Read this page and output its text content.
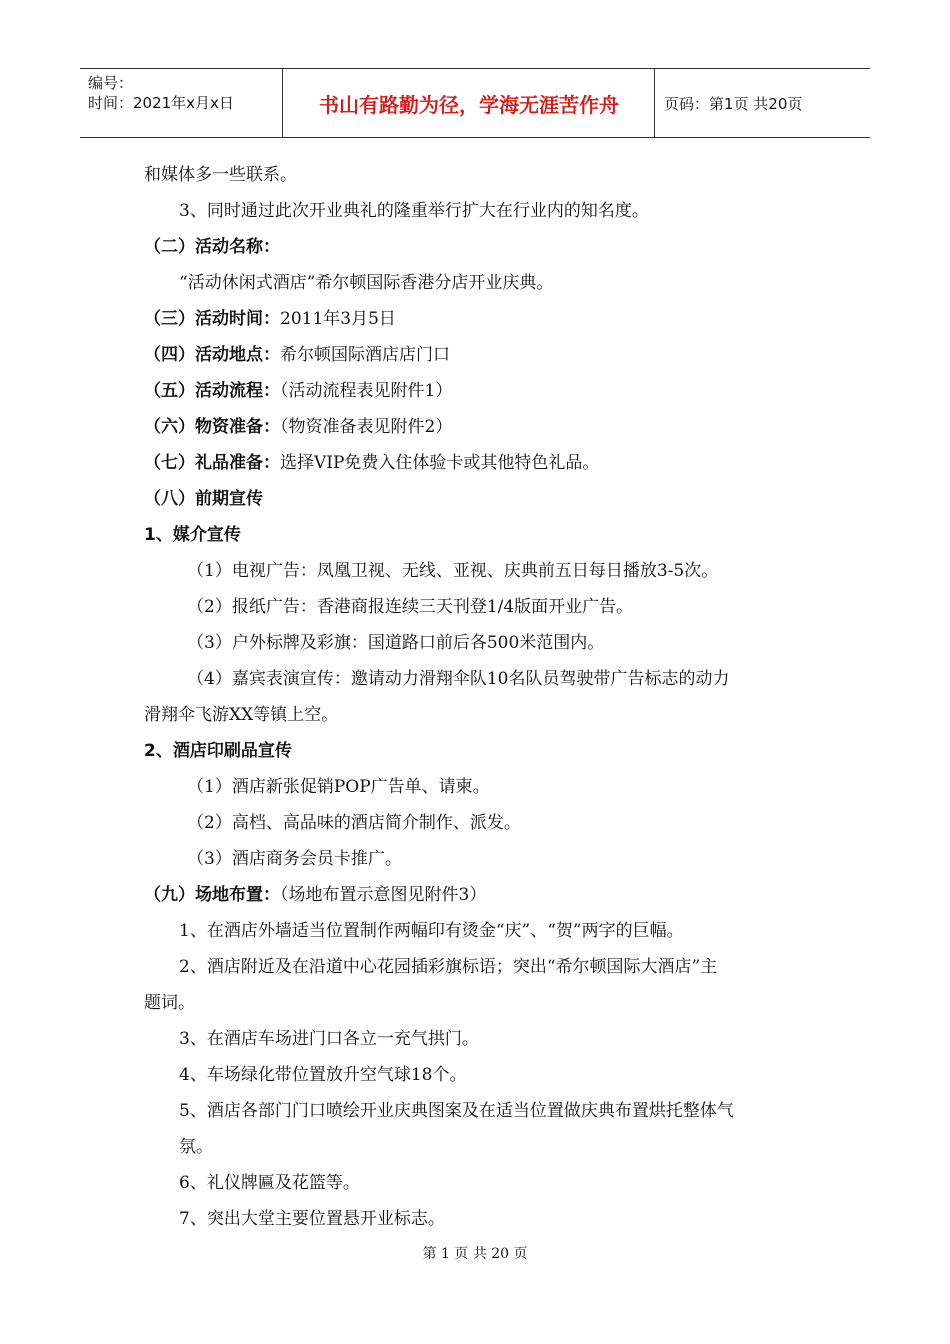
编号：
时间：2021年x月x日	书山有路勤为径，学海无涯苦作舟	页码：第1页 共20页
和媒体多一些联系。
3、同时通过此次开业典礼的隆重举行扩大在行业内的知名度。
（二）活动名称：
“活动休闲式酒店”希尔顿国际香港分店开业庆典。
（三）活动时间：2011年3月5日
（四）活动地点：希尔顿国际酒店店门口
（五）活动流程：（活动流程表见附件1）
（六）物资准备：（物资准备表见附件2）
（七）礼品准备：选择VIP免费入住体验卡或其他特色礼品。
（八）前期宣传
1、媒介宣传
（1）电视广告：凤凰卫视、无线、亚视、庆典前五日每日播放3-5次。
（2）报纸广告：香港商报连续三天刊登1/4版面开业广告。
（3）户外标牌及彩旗：国道路口前后各500米范围内。
（4）嘉宾表演宣传：邀请动力滑翔伞队10名队员驾驶带广告标志的动力
滑翔伞飞游XX等镇上空。
2、酒店印刷品宣传
（1）酒店新张促销POP广告单、请柬。
（2）高档、高品味的酒店简介制作、派发。
（3）酒店商务会员卡推广。
（九）场地布置：（场地布置示意图见附件3）
1、在酒店外墙适当位置制作两幅印有烫金“庆”、“贺”两字的巨幅。
2、酒店附近及在沿道中心花园插彩旗标语；突出“希尔顿国际大酒店”主
题词。
3、在酒店车场进门口各立一充气拱门。
4、车场绿化带位置放升空气球18个。
5、酒店各部门门口喷绘开业庆典图案及在适当位置做庆典布置烘托整体气
氛。
6、礼仪牌匾及花篮等。
7、突出大堂主要位置悬开业标志。
第 1 页 共 20 页
